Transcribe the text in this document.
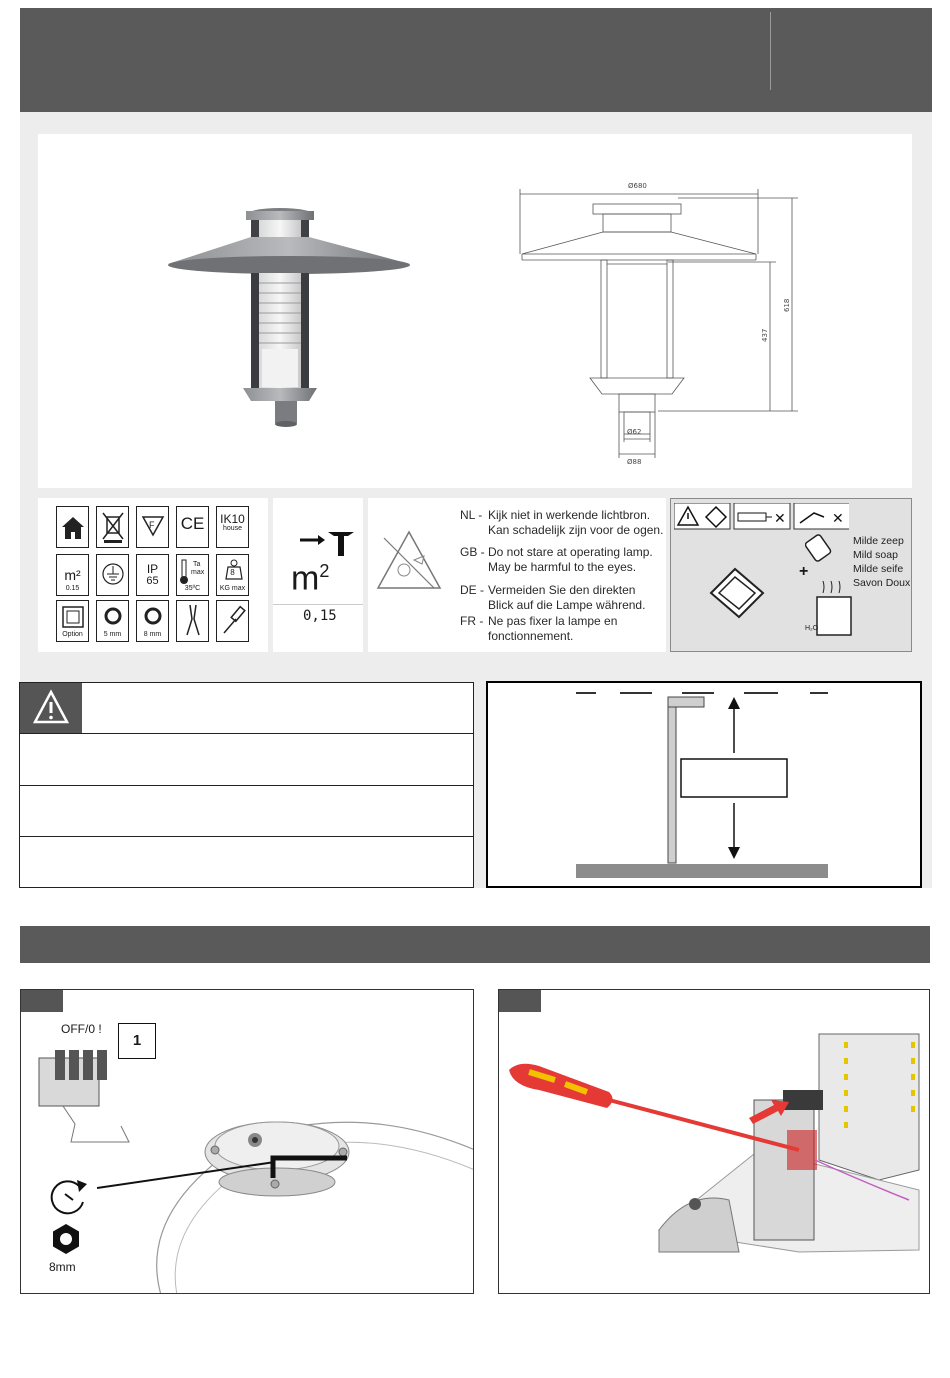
Ø680
618
437
Ø62
Ø88
F CE	IK10
house
m²
0.15
IP
65
Ta
max
35ºC
8
KG max
Option	5 mm	8 mm
$m^2$
0,15
NL - Kijk niet in werkende lichtbron.
Kan schadelijk zijn voor de ogen.
GB - Do not stare at operating lamp.
May be harmful to the eyes.
DE - Vermeiden Sie den direkten
Blick auf die Lampe während.
FR - Ne pas fixer la lampe en
fonctionnement.
✕	✕
+
Milde zeep
Mild soap
Milde seife
Savon Doux
H₂O
OFF/0 !
1
8mm
